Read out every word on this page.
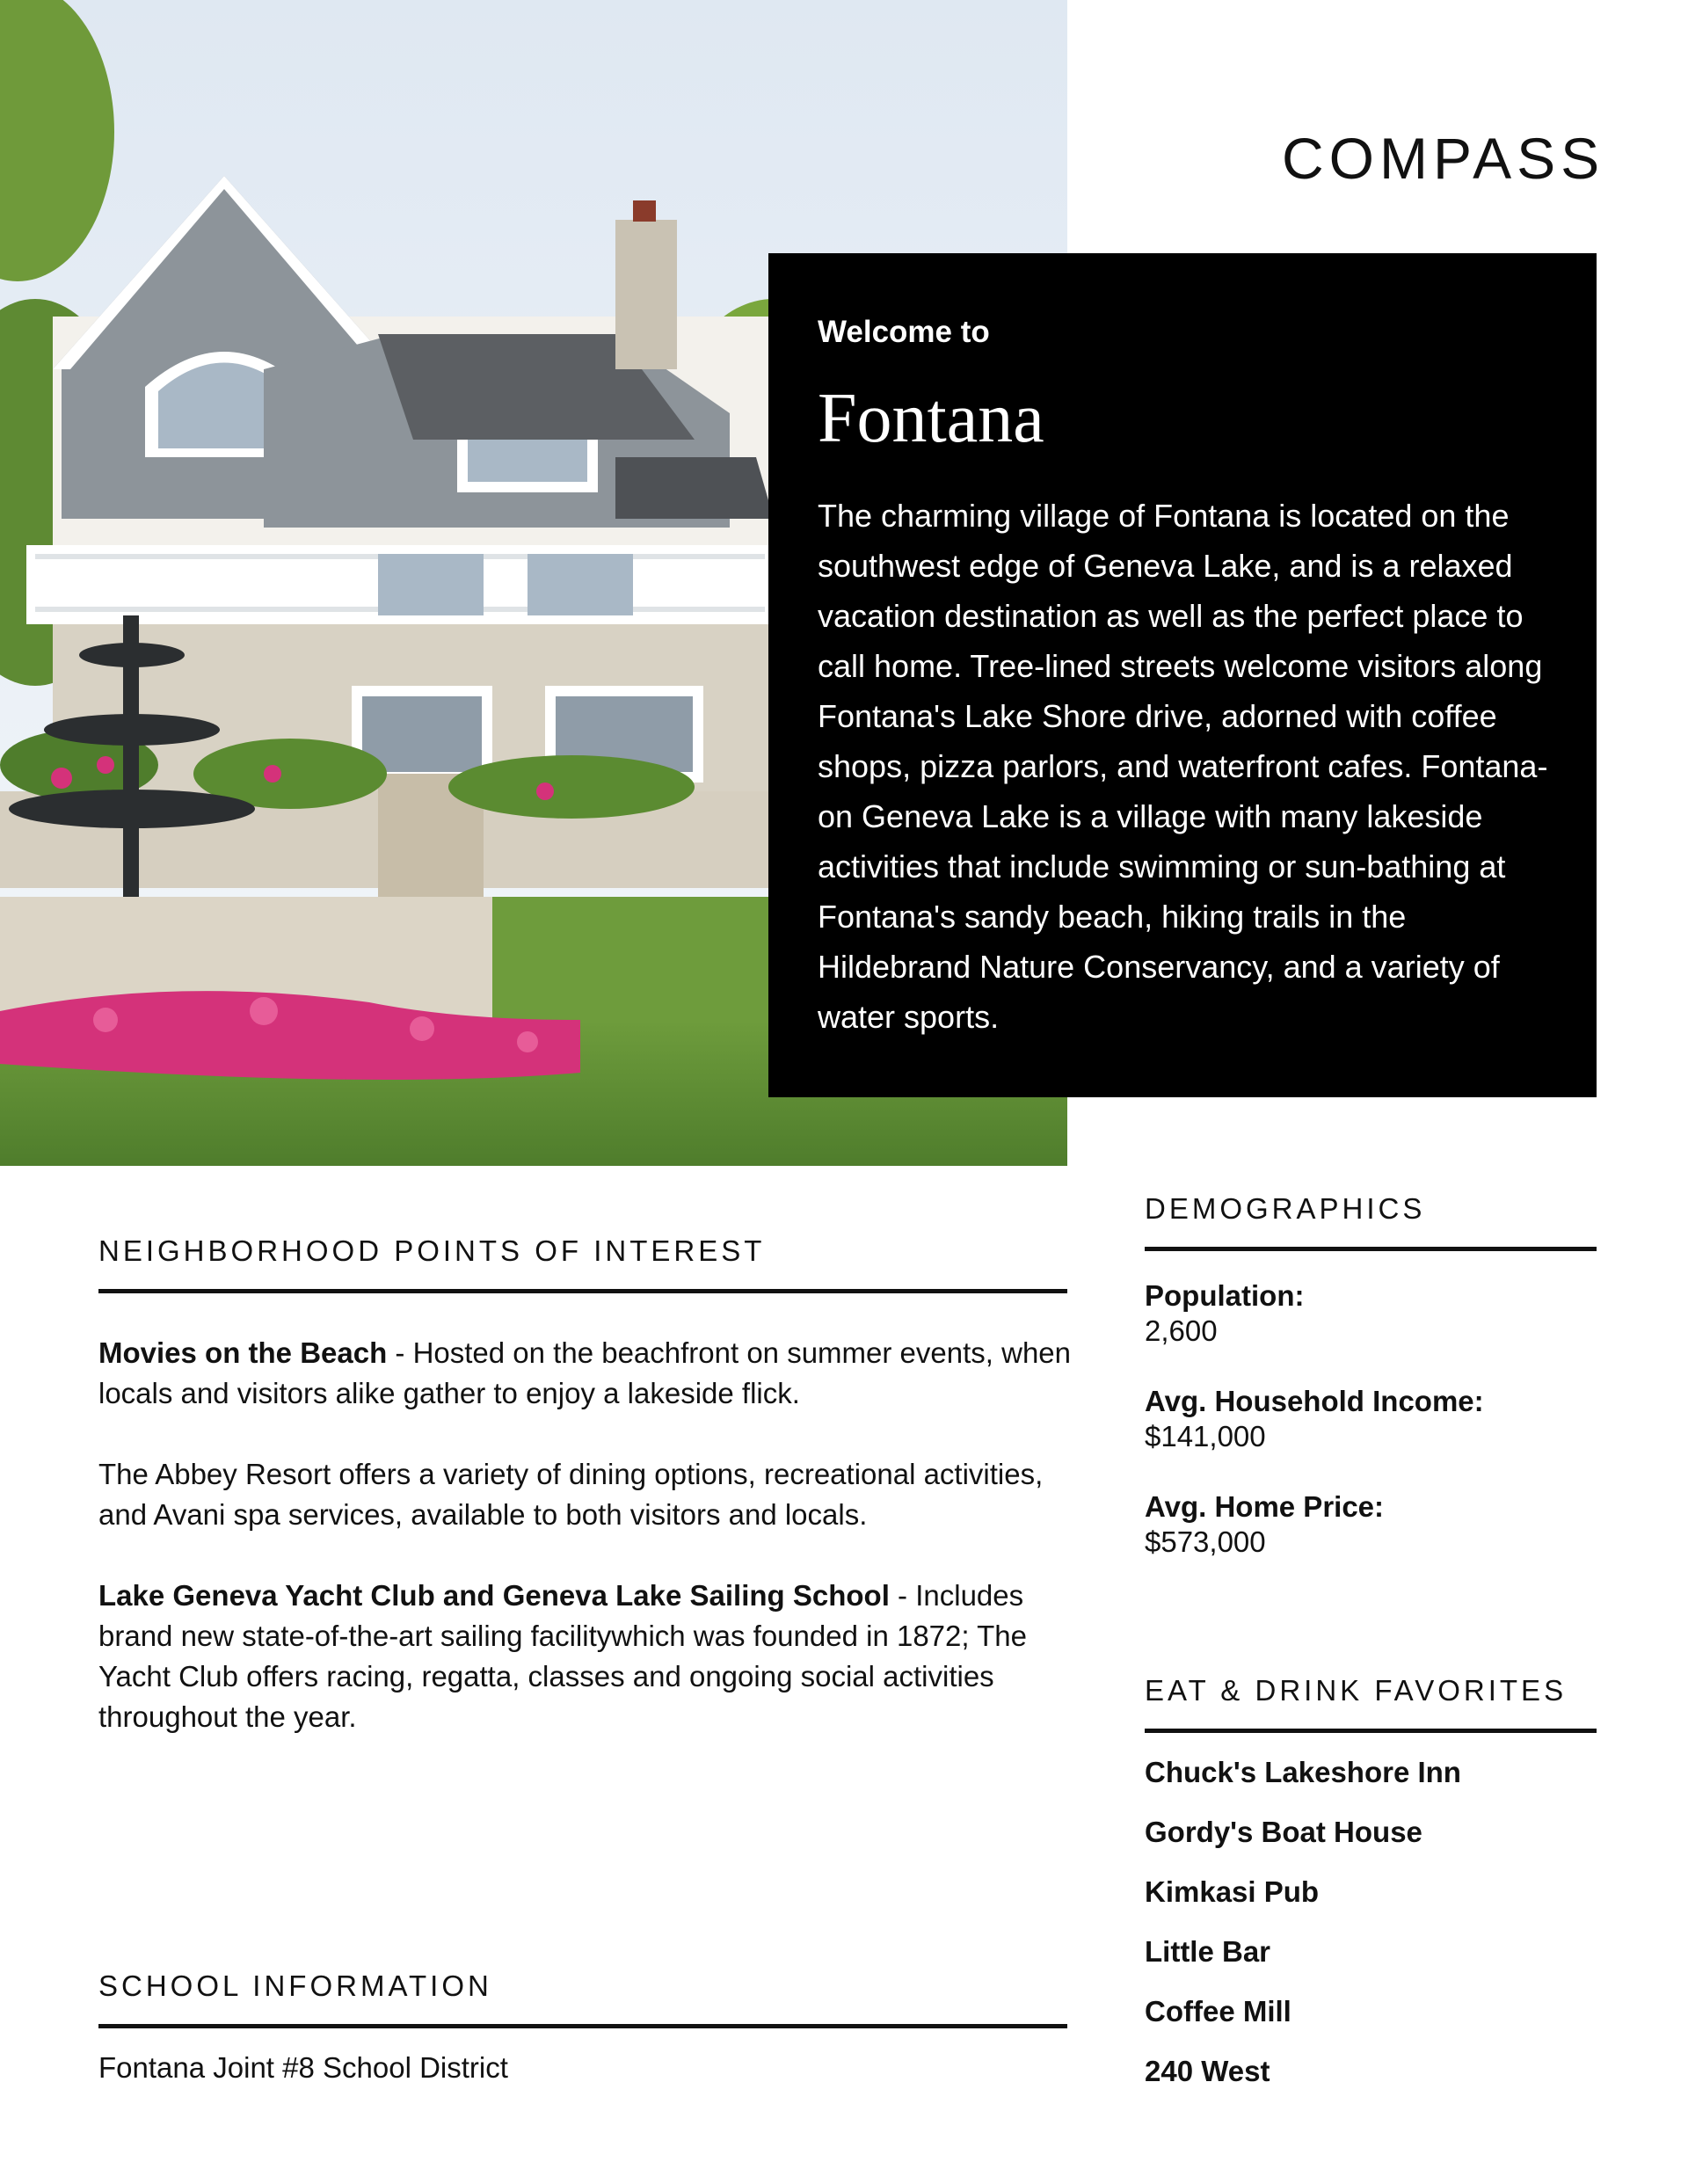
COMPASS
Welcome to
Fontana

The charming village of Fontana is located on the southwest edge of Geneva Lake, and is a relaxed vacation destination as well as the perfect place to call home. Tree-lined streets welcome visitors along Fontana's Lake Shore drive, adorned with coffee shops, pizza parlors, and waterfront cafes. Fontana-on Geneva Lake is a village with many lakeside activities that include swimming or sun-bathing at Fontana's sandy beach, hiking trails in the Hildebrand Nature Conservancy, and a variety of water sports.

NEIGHBORHOOD POINTS OF INTEREST

Movies on the Beach - Hosted on the beachfront on summer events, when locals and visitors alike gather to enjoy a lakeside flick.

The Abbey Resort offers a variety of dining options, recreational activities, and Avani spa services, available to both visitors and locals.

Lake Geneva Yacht Club and Geneva Lake Sailing School - Includes brand new state-of-the-art sailing facilitywhich was founded in 1872; The Yacht Club offers racing, regatta, classes and ongoing social activities throughout the year.

SCHOOL INFORMATION
Fontana Joint #8 School District
DEMOGRAPHICS
Population:
2,600
Avg. Household Income:
$141,000
Avg. Home Price:
$573,000
EAT & DRINK FAVORITES
Chuck's Lakeshore Inn
Gordy's Boat House
Kimkasi Pub
Little Bar
Coffee Mill
240 West
